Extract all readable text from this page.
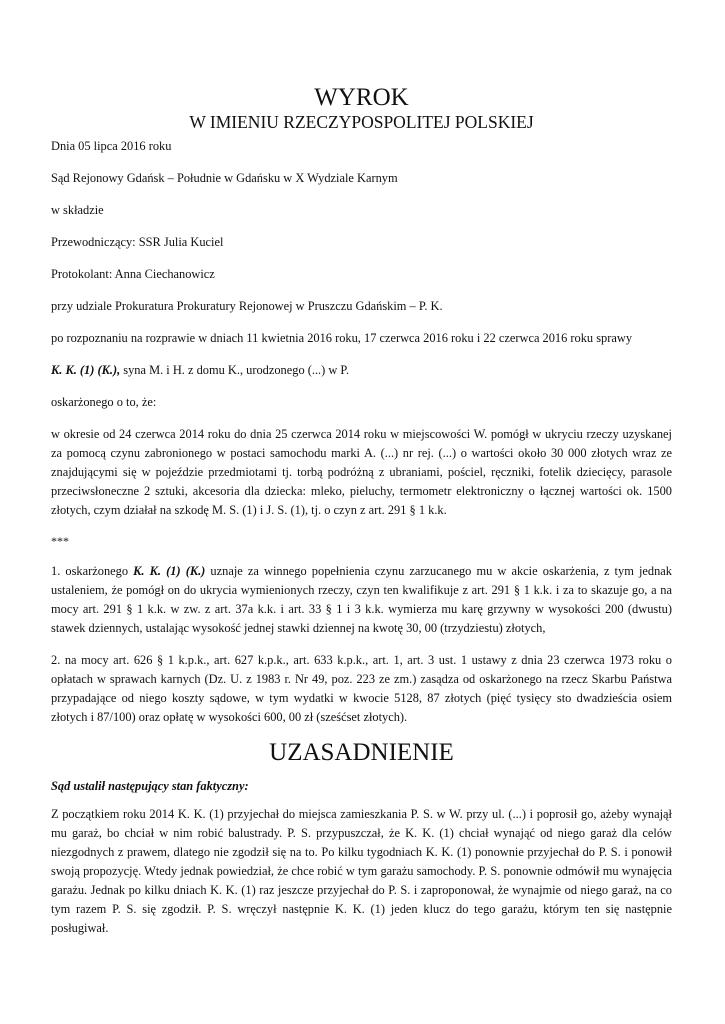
WYROK
W IMIENIU RZECZYPOSPOLITEJ POLSKIEJ

Dnia 05 lipca 2016 roku

Sąd Rejonowy Gdańsk – Południe w Gdańsku w X Wydziale Karnym

w składzie

Przewodniczący: SSR Julia Kuciel

Protokolant: Anna Ciechanowicz

przy udziale Prokuratura Prokuratury Rejonowej w Pruszczu Gdańskim – P. K.

po rozpoznaniu na rozprawie w dniach 11 kwietnia 2016 roku, 17 czerwca 2016 roku i 22 czerwca 2016 roku sprawy

K. K. (1) (K.), syna M. i H. z domu K., urodzonego (...) w P.

oskarżonego o to, że:

w okresie od 24 czerwca 2014 roku do dnia 25 czerwca 2014 roku w miejscowości W. pomógł w ukryciu rzeczy uzyskanej za pomocą czynu zabronionego w postaci samochodu marki A. (...) nr rej. (...) o wartości około 30 000 złotych wraz ze znajdującymi się w pojeździe przedmiotami tj. torbą podróżną z ubraniami, pościel, ręczniki, fotelik dziecięcy, parasole przeciwsłoneczne 2 sztuki, akcesoria dla dziecka: mleko, pieluchy, termometr elektroniczny o łącznej wartości ok. 1500 złotych, czym działał na szkodę M. S. (1) i J. S. (1), tj. o czyn z art. 291 § 1 k.k.

***

1. oskarżonego K. K. (1) (K.) uznaje za winnego popełnienia czynu zarzucanego mu w akcie oskarżenia, z tym jednak ustaleniem, że pomógł on do ukrycia wymienionych rzeczy, czyn ten kwalifikuje z art. 291 § 1 k.k. i za to skazuje go, a na mocy art. 291 § 1 k.k. w zw. z art. 37a k.k. i art. 33 § 1 i 3 k.k. wymierza mu karę grzywny w wysokości 200 (dwustu) stawek dziennych, ustalając wysokość jednej stawki dziennej na kwotę 30, 00 (trzydziestu) złotych,

2. na mocy art. 626 § 1 k.p.k., art. 627 k.p.k., art. 633 k.p.k., art. 1, art. 3 ust. 1 ustawy z dnia 23 czerwca 1973 roku o opłatach w sprawach karnych (Dz. U. z 1983 r. Nr 49, poz. 223 ze zm.) zasądza od oskarżonego na rzecz Skarbu Państwa przypadające od niego koszty sądowe, w tym wydatki w kwocie 5128, 87 złotych (pięć tysięcy sto dwadzieścia osiem złotych i 87/100) oraz opłatę w wysokości 600, 00 zł (sześćset złotych).

UZASADNIENIE

Sąd ustalił następujący stan faktyczny:

Z początkiem roku 2014 K. K. (1) przyjechał do miejsca zamieszkania P. S. w W. przy ul. (...) i poprosił go, ażeby wynajął mu garaż, bo chciał w nim robić balustrady. P. S. przypuszczał, że K. K. (1) chciał wynająć od niego garaż dla celów niezgodnych z prawem, dlatego nie zgodził się na to. Po kilku tygodniach K. K. (1) ponownie przyjechał do P. S. i ponowił swoją propozycję. Wtedy jednak powiedział, że chce robić w tym garażu samochody. P. S. ponownie odmówił mu wynajęcia garażu. Jednak po kilku dniach K. K. (1) raz jeszcze przyjechał do P. S. i zaproponował, że wynajmie od niego garaż, na co tym razem P. S. się zgodził. P. S. wręczył następnie K. K. (1) jeden klucz do tego garażu, którym ten się następnie posługiwał.
